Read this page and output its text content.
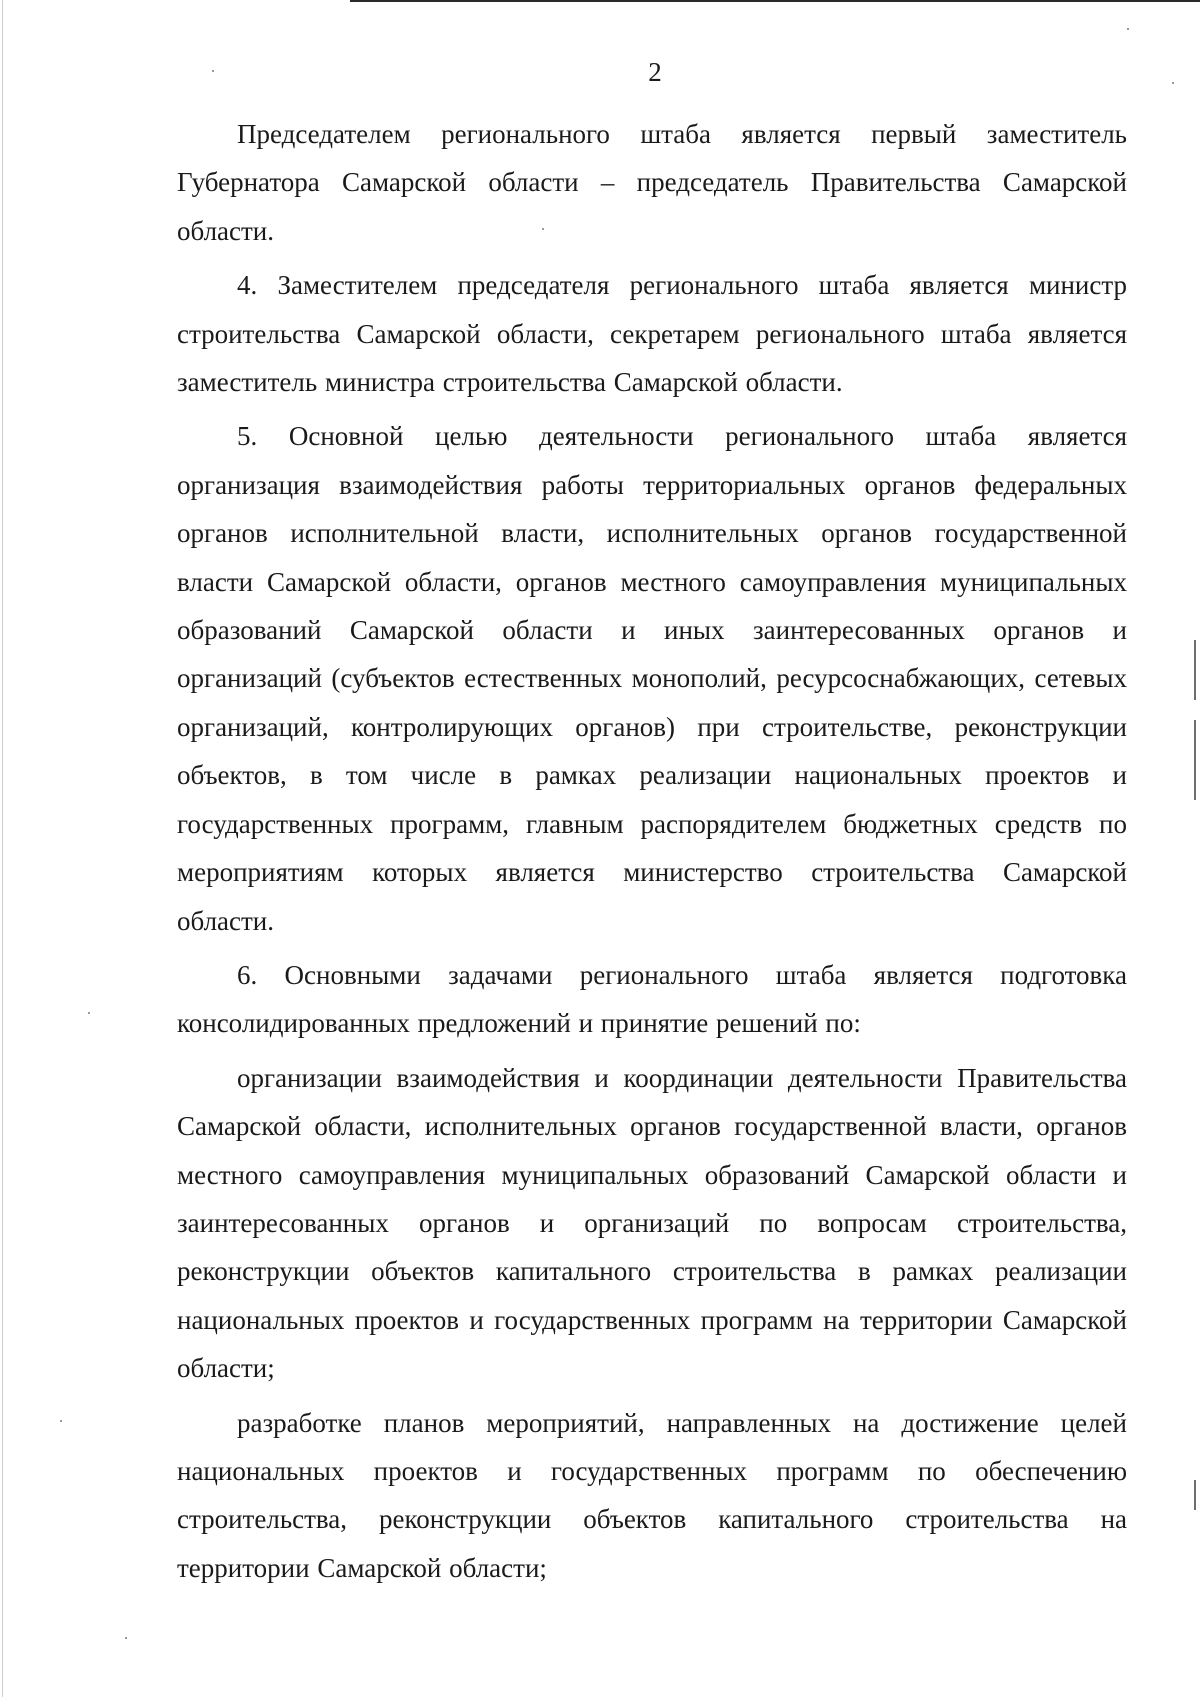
2

Председателем регионального штаба является первый заместитель Губернатора Самарской области – председатель Правительства Самарской области.

4. Заместителем председателя регионального штаба является министр строительства Самарской области, секретарем регионального штаба является заместитель министра строительства Самарской области.

5. Основной целью деятельности регионального штаба является организация взаимодействия работы территориальных органов федеральных органов исполнительной власти, исполнительных органов государственной власти Самарской области, органов местного самоуправления муниципальных образований Самарской области и иных заинтересованных органов и организаций (субъектов естественных монополий, ресурсоснабжающих, сетевых организаций, контролирующих органов) при строительстве, реконструкции объектов, в том числе в рамках реализации национальных проектов и государственных программ, главным распорядителем бюджетных средств по мероприятиям которых является министерство строительства Самарской области.

6. Основными задачами регионального штаба является подготовка консолидированных предложений и принятие решений по:

организации взаимодействия и координации деятельности Правительства Самарской области, исполнительных органов государственной власти, органов местного самоуправления муниципальных образований Самарской области и заинтересованных органов и организаций по вопросам строительства, реконструкции объектов капитального строительства в рамках реализации национальных проектов и государственных программ на территории Самарской области;

разработке планов мероприятий, направленных на достижение целей национальных проектов и государственных программ по обеспечению строительства, реконструкции объектов капитального строительства на территории Самарской области;
